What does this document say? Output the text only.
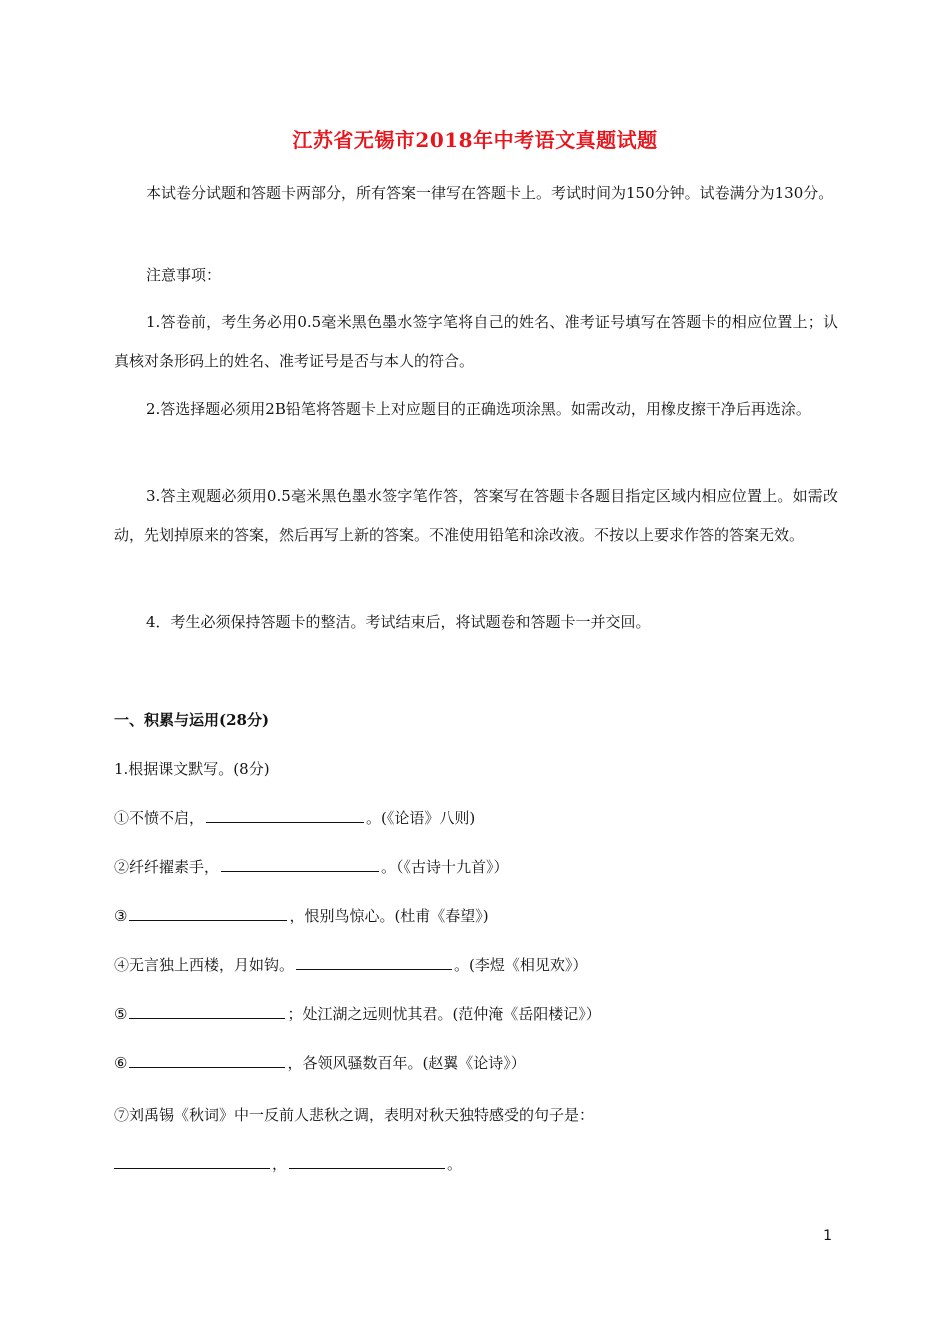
江苏省无锡市2018年中考语文真题试题
本试卷分试题和答题卡两部分，所有答案一律写在答题卡上。考试时间为150分钟。试卷满分为130分。
注意事项：
1.答卷前，考生务必用0.5毫米黑色墨水签字笔将自己的姓名、准考证号填写在答题卡的相应位置上；认真核对条形码上的姓名、准考证号是否与本人的符合。
2.答选择题必须用2B铅笔将答题卡上对应题目的正确选项涂黑。如需改动，用橡皮擦干净后再选涂。
3.答主观题必须用0.5毫米黑色墨水签字笔作答，答案写在答题卡各题目指定区域内相应位置上。如需改动，先划掉原来的答案，然后再写上新的答案。不准使用铅笔和涂改液。不按以上要求作答的答案无效。
4．考生必须保持答题卡的整洁。考试结束后，将试题卷和答题卡一并交回。
一、积累与运用(28分)
1.根据课文默写。(8分)
①不愤不启，	。(《论语》八则)
②纤纤擢素手，	。（《古诗十九首》）
③	，恨别鸟惊心。(杜甫《春望》)
④无言独上西楼，月如钩。	。(李煜《相见欢》）
⑤	；处江湖之远则忧其君。(范仲淹《岳阳楼记》）
⑥	，各领风骚数百年。(赵翼《论诗》）
⑦刘禹锡《秋词》中一反前人悲秋之调，表明对秋天独特感受的句子是：
，	。
1
